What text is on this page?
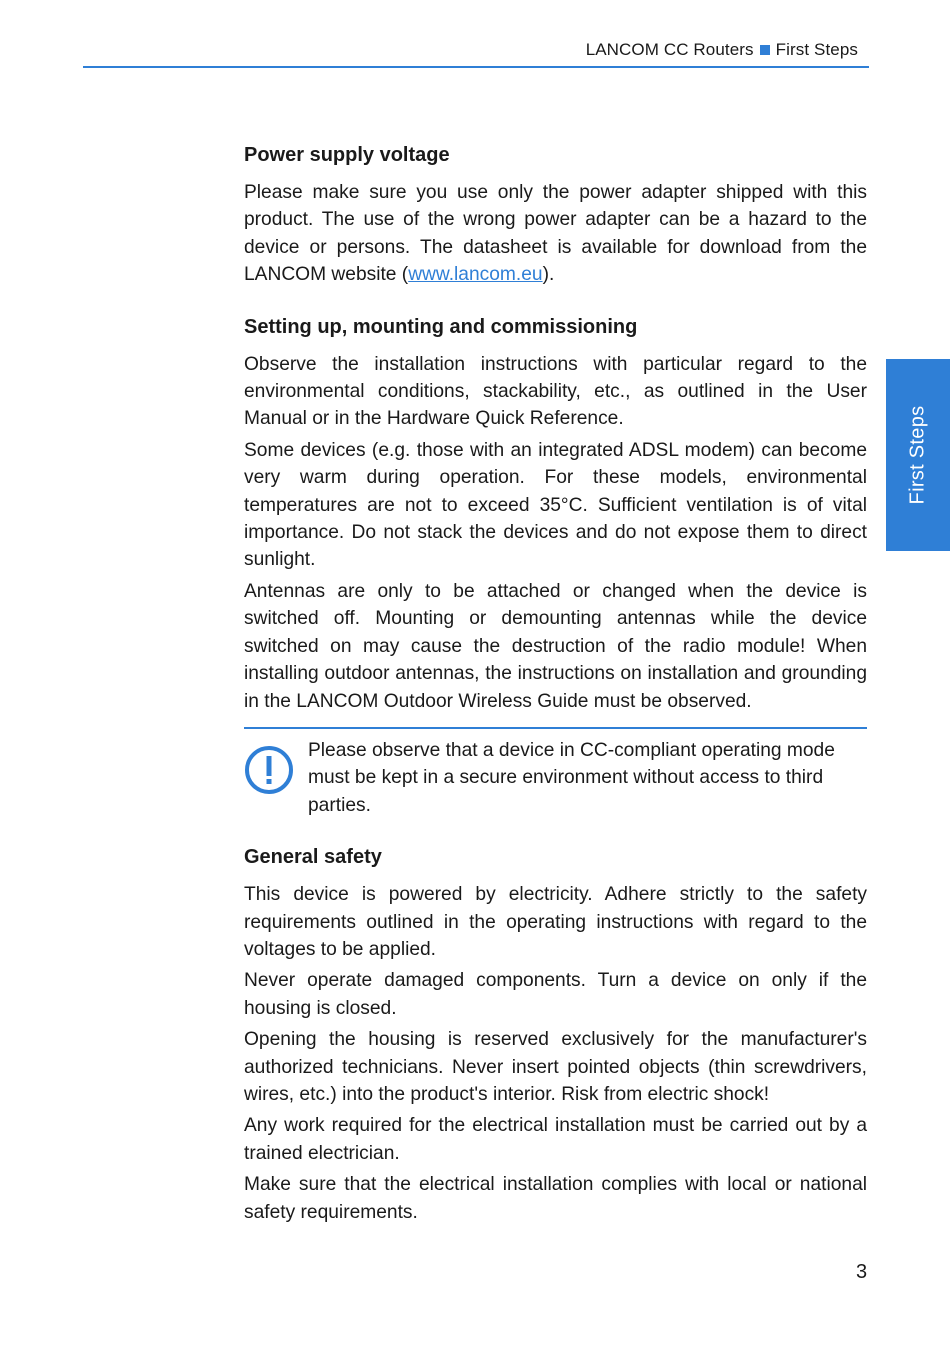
LANCOM CC Routers First Steps
First Steps
Power supply voltage

Please make sure you use only the power adapter shipped with this product. The use of the wrong power adapter can be a hazard to the device or persons. The datasheet is available for download from the LANCOM website (www.lancom.eu).

Setting up, mounting and commissioning

Observe the installation instructions with particular regard to the environmental conditions, stackability, etc., as outlined in the User Manual or in the Hardware Quick Reference.

Some devices (e.g. those with an integrated ADSL modem) can become very warm during operation. For these models, environmental temperatures are not to exceed 35°C. Sufficient ventilation is of vital importance. Do not stack the devices and do not expose them to direct sunlight.

Antennas are only to be attached or changed when the device is switched off. Mounting or demounting antennas while the device switched on may cause the destruction of the radio module! When installing outdoor antennas, the instructions on installation and grounding in the LANCOM Outdoor Wireless Guide must be observed.

Please observe that a device in CC-compliant operating mode must be kept in a secure environment without access to third parties.

General safety

This device is powered by electricity. Adhere strictly to the safety requirements outlined in the operating instructions with regard to the voltages to be applied.

Never operate damaged components. Turn a device on only if the housing is closed.

Opening the housing is reserved exclusively for the manufacturer's authorized technicians. Never insert pointed objects (thin screwdrivers, wires, etc.) into the product's interior. Risk from electric shock!

Any work required for the electrical installation must be carried out by a trained electrician.

Make sure that the electrical installation complies with local or national safety requirements.

3
